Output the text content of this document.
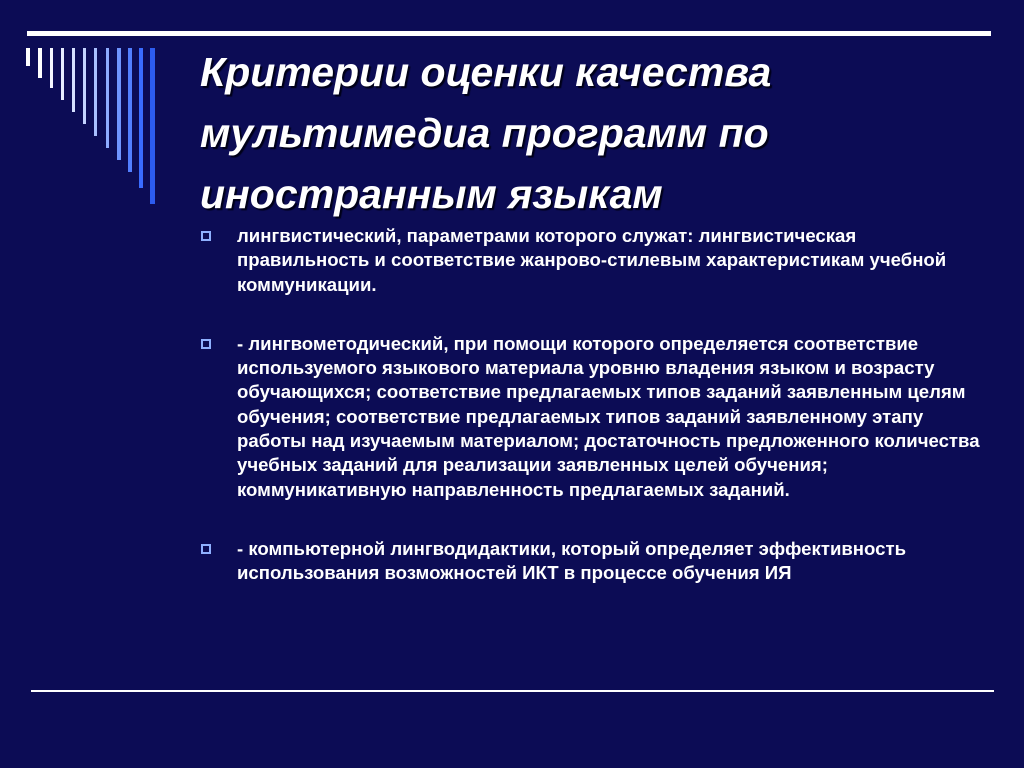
Критерии оценки качества мультимедиа программ по иностранным языкам
лингвистический, параметрами которого служат: лингвистическая правильность и соответствие жанрово-стилевым характеристикам учебной коммуникации.
- лингвометодический, при помощи которого определяется соответствие используемого языкового материала уровню владения языком и возрасту обучающихся; соответствие предлагаемых типов заданий заявленным целям обучения; соответствие предлагаемых типов заданий заявленному этапу работы над изучаемым материалом; достаточность предложенного количества учебных заданий для реализации заявленных целей обучения; коммуникативную направленность предлагаемых заданий.
- компьютерной лингводидактики, который определяет эффективность использования возможностей ИКТ в процессе обучения ИЯ
